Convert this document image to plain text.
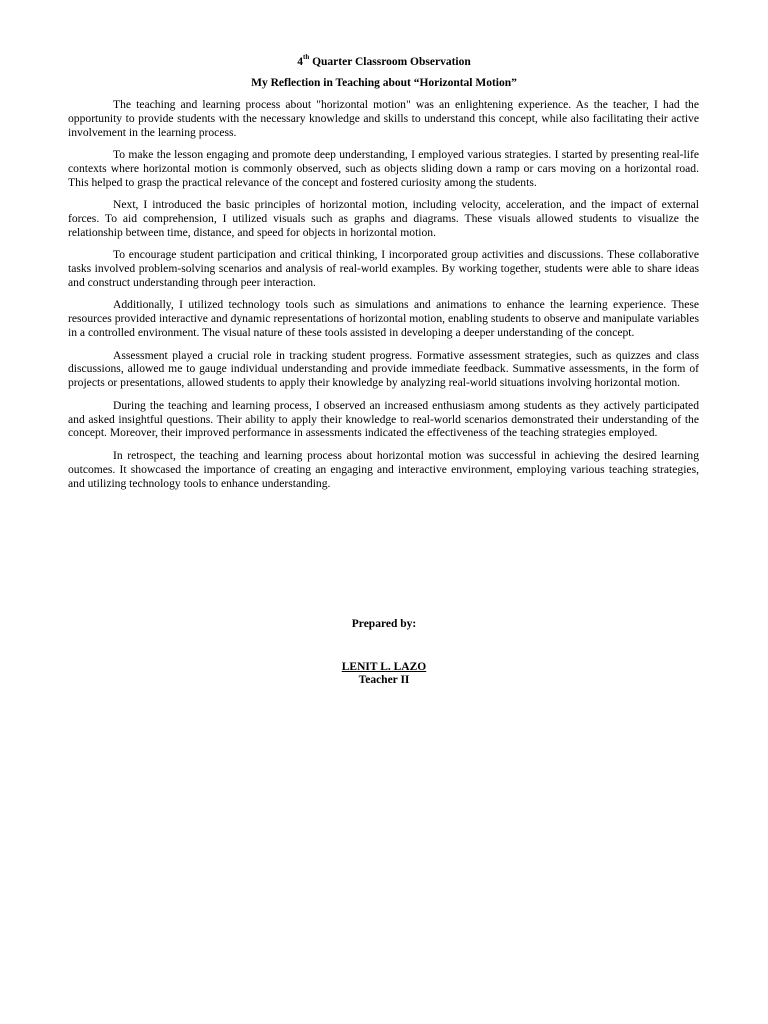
4th Quarter Classroom Observation
My Reflection in Teaching about “Horizontal Motion”

The teaching and learning process about "horizontal motion" was an enlightening experience. As the teacher, I had the opportunity to provide students with the necessary knowledge and skills to understand this concept, while also facilitating their active involvement in the learning process.

To make the lesson engaging and promote deep understanding, I employed various strategies. I started by presenting real-life contexts where horizontal motion is commonly observed, such as objects sliding down a ramp or cars moving on a horizontal road. This helped to grasp the practical relevance of the concept and fostered curiosity among the students.

Next, I introduced the basic principles of horizontal motion, including velocity, acceleration, and the impact of external forces. To aid comprehension, I utilized visuals such as graphs and diagrams. These visuals allowed students to visualize the relationship between time, distance, and speed for objects in horizontal motion.

To encourage student participation and critical thinking, I incorporated group activities and discussions. These collaborative tasks involved problem-solving scenarios and analysis of real-world examples. By working together, students were able to share ideas and construct understanding through peer interaction.

Additionally, I utilized technology tools such as simulations and animations to enhance the learning experience. These resources provided interactive and dynamic representations of horizontal motion, enabling students to observe and manipulate variables in a controlled environment. The visual nature of these tools assisted in developing a deeper understanding of the concept.

Assessment played a crucial role in tracking student progress. Formative assessment strategies, such as quizzes and class discussions, allowed me to gauge individual understanding and provide immediate feedback. Summative assessments, in the form of projects or presentations, allowed students to apply their knowledge by analyzing real-world situations involving horizontal motion.

During the teaching and learning process, I observed an increased enthusiasm among students as they actively participated and asked insightful questions. Their ability to apply their knowledge to real-world scenarios demonstrated their understanding of the concept. Moreover, their improved performance in assessments indicated the effectiveness of the teaching strategies employed.

In retrospect, the teaching and learning process about horizontal motion was successful in achieving the desired learning outcomes. It showcased the importance of creating an engaging and interactive environment, employing various teaching strategies, and utilizing technology tools to enhance understanding.

Prepared by:
LENIT L. LAZO
Teacher II
